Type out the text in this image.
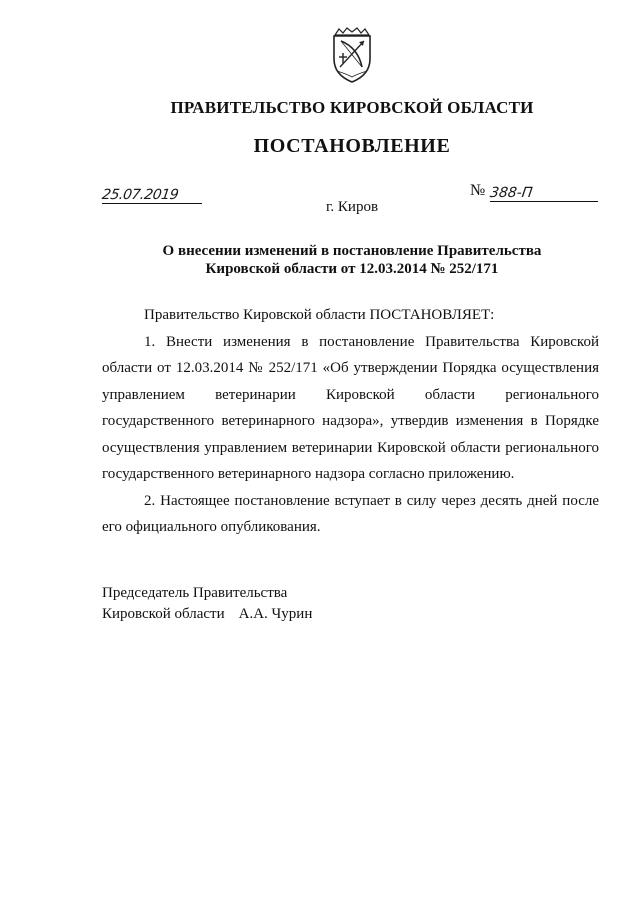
ПРАВИТЕЛЬСТВО КИРОВСКОЙ ОБЛАСТИ
ПОСТАНОВЛЕНИЕ
25.07.2019	№ 388-П
г. Киров
О внесении изменений в постановление Правительства
Кировской области от 12.03.2014 № 252/171

Правительство Кировской области ПОСТАНОВЛЯЕТ:

1. Внести изменения в постановление Правительства Кировской области от 12.03.2014 № 252/171 «Об утверждении Порядка осуществления управлением ветеринарии Кировской области регионального государственного ветеринарного надзора», утвердив изменения в Порядке осуществления управлением ветеринарии Кировской области регионального государственного ветеринарного надзора согласно приложению.

2. Настоящее постановление вступает в силу через десять дней после его официального опубликования.

Председатель Правительства
Кировской области А.А. Чурин
